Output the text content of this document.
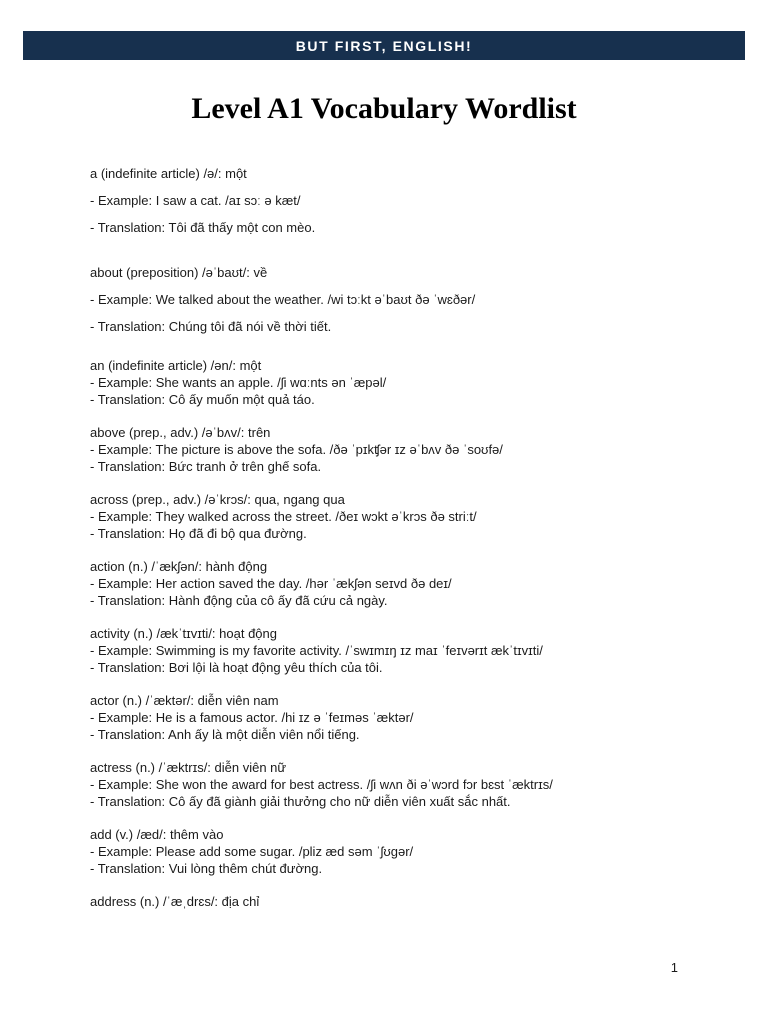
BUT FIRST, ENGLISH!
Level A1 Vocabulary Wordlist
a (indefinite article) /ə/: một
- Example: I saw a cat. /aɪ sɔː ə kæt/
- Translation: Tôi đã thấy một con mèo.
about (preposition) /əˈbaʊt/: về
- Example: We talked about the weather. /wi tɔːkt əˈbaʊt ðə ˈwɛðər/
- Translation: Chúng tôi đã nói về thời tiết.
an (indefinite article) /ən/: một
- Example: She wants an apple. /ʃi wɑːnts ən ˈæpəl/
- Translation: Cô ấy muốn một quả táo.
above (prep., adv.) /əˈbʌv/: trên
- Example: The picture is above the sofa. /ðə ˈpɪkʧər ɪz əˈbʌv ðə ˈsoʊfə/
- Translation: Bức tranh ở trên ghế sofa.
across (prep., adv.) /əˈkrɔs/: qua, ngang qua
- Example: They walked across the street. /ðeɪ wɔkt əˈkrɔs ðə striːt/
- Translation: Họ đã đi bộ qua đường.
action (n.) /ˈækʃən/: hành động
- Example: Her action saved the day. /hər ˈækʃən seɪvd ðə deɪ/
- Translation: Hành động của cô ấy đã cứu cả ngày.
activity (n.) /ækˈtɪvɪti/: hoạt động
- Example: Swimming is my favorite activity. /ˈswɪmɪŋ ɪz maɪ ˈfeɪvərɪt ækˈtɪvɪti/
- Translation: Bơi lội là hoạt động yêu thích của tôi.
actor (n.) /ˈæktər/: diễn viên nam
- Example: He is a famous actor. /hi ɪz ə ˈfeɪməs ˈæktər/
- Translation: Anh ấy là một diễn viên nổi tiếng.
actress (n.) /ˈæktrɪs/: diễn viên nữ
- Example: She won the award for best actress. /ʃi wʌn ði əˈwɔrd fɔr bɛst ˈæktrɪs/
- Translation: Cô ấy đã giành giải thưởng cho nữ diễn viên xuất sắc nhất.
add (v.) /æd/: thêm vào
- Example: Please add some sugar. /pliz æd səm ˈʃʊgər/
- Translation: Vui lòng thêm chút đường.
address (n.) /ˈæˌdrɛs/: địa chỉ
1
